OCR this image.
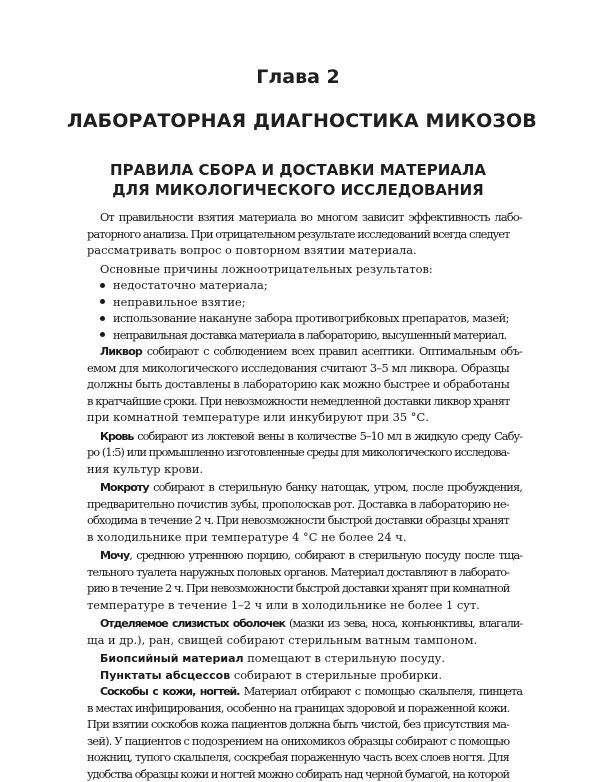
Глава 2
ЛАБОРАТОРНАЯ ДИАГНОСТИКА МИКОЗОВ
ПРАВИЛА СБОРА И ДОСТАВКИ МАТЕРИАЛА
ДЛЯ МИКОЛОГИЧЕСКОГО ИССЛЕДОВАНИЯ
От правильности взятия материала во многом зависит эффективность лабо-
раторного анализа. При отрицательном результате исследований всегда следует
рассматривать вопрос о повторном взятии материала.
Основные причины ложноотрицательных результатов:
недостаточно материала;
неправильное взятие;
использование накануне забора противогрибковых препаратов, мазей;
неправильная доставка материала в лабораторию, высушенный материал.
Ликвор собирают с соблюдением всех правил асептики. Оптимальным объ-
емом для микологического исследования считают 3–5 мл ликвора. Образцы
должны быть доставлены в лабораторию как можно быстрее и обработаны
в кратчайшие сроки. При невозможности немедленной доставки ликвор хранят
при комнатной температуре или инкубируют при 35 °С.
Кровь собирают из локтевой вены в количестве 5–10 мл в жидкую среду Сабу-
ро (1:5) или промышленно изготовленные среды для микологического исследова-
ния культур крови.
Мокроту собирают в стерильную банку натощак, утром, после пробуждения,
предварительно почистив зубы, прополоскав рот. Доставка в лабораторию не-
обходима в течение 2 ч. При невозможности быстрой доставки образцы хранят
в холодильнике при температуре 4 °С не более 24 ч.
Мочу, среднюю утреннюю порцию, собирают в стерильную посуду после тща-
тельного туалета наружных половых органов. Материал доставляют в лаборато-
рию в течение 2 ч. При невозможности быстрой доставки хранят при комнатной
температуре в течение 1–2 ч или в холодильнике не более 1 сут.
Отделяемое слизистых оболочек (мазки из зева, носа, конъюнктивы, влагали-
ща и др.), ран, свищей собирают стерильным ватным тампоном.
Биопсийный материал помещают в стерильную посуду.
Пунктаты абсцессов собирают в стерильные пробирки.
Соскобы с кожи, ногтей. Материал отбирают с помощью скальпеля, пинцета
в местах инфицирования, особенно на границах здоровой и пораженной кожи.
При взятии соскобов кожа пациентов должна быть чистой, без присутствия ма-
зей). У пациентов с подозрением на онихомикоз образцы собирают с помощью
ножниц, тупого скальпеля, соскребая пораженную часть всех слоев ногтя. Для
удобства образцы кожи и ногтей можно собирать над черной бумагой, на которой
